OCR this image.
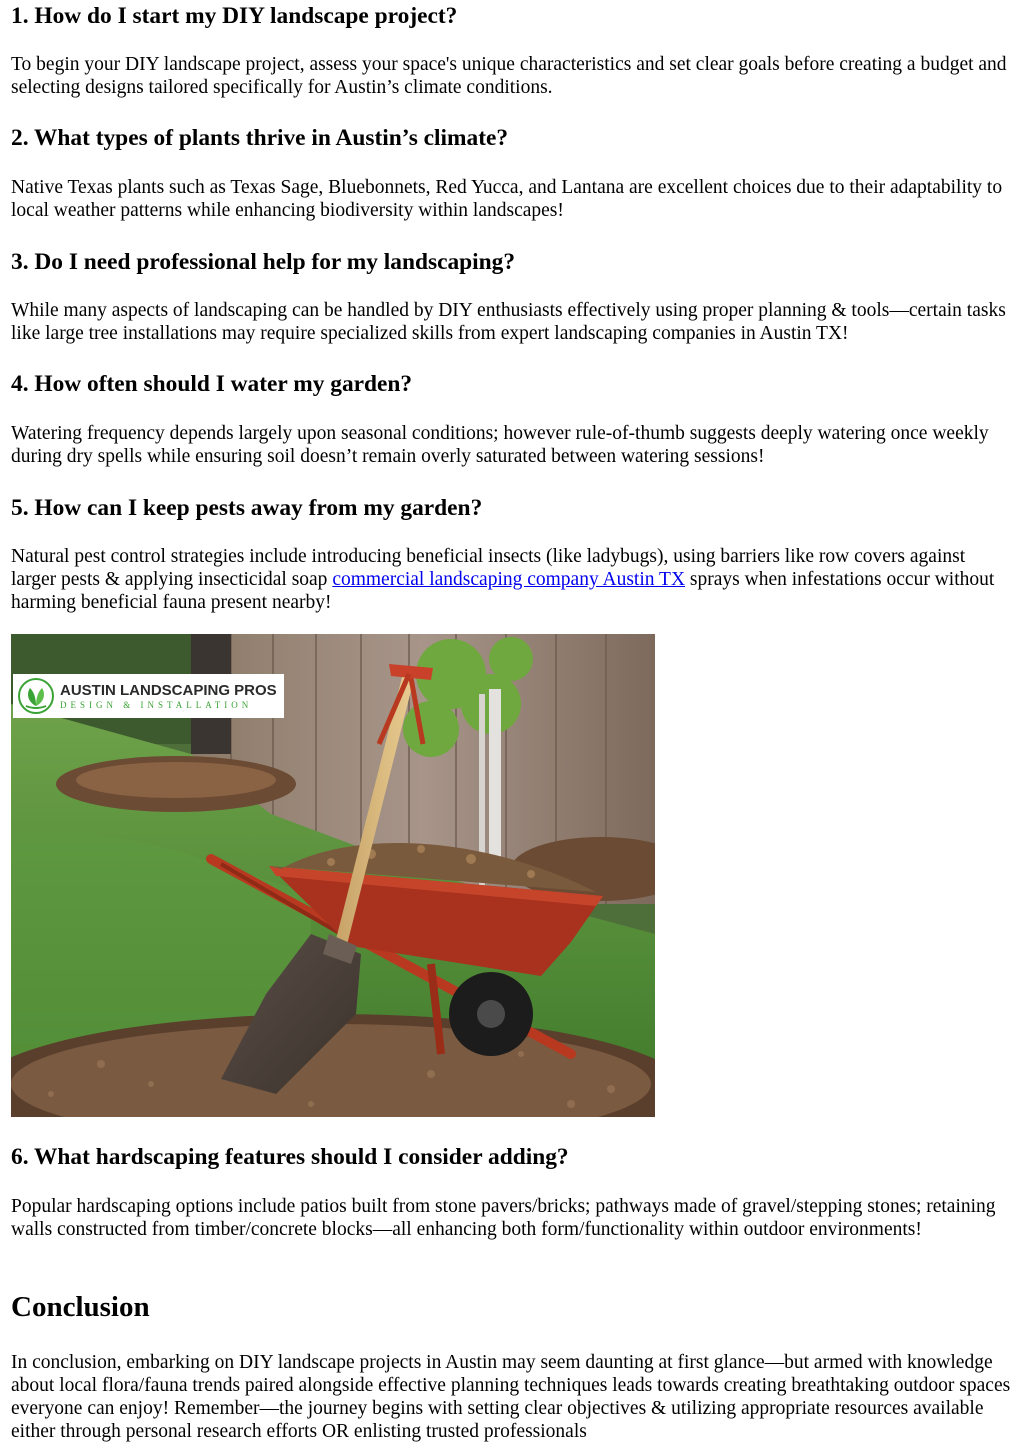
1. How do I start my DIY landscape project?

To begin your DIY landscape project, assess your space's unique characteristics and set clear goals before creating a budget and selecting designs tailored specifically for Austin’s climate conditions.

2. What types of plants thrive in Austin’s climate?

Native Texas plants such as Texas Sage, Bluebonnets, Red Yucca, and Lantana are excellent choices due to their adaptability to local weather patterns while enhancing biodiversity within landscapes!

3. Do I need professional help for my landscaping?

While many aspects of landscaping can be handled by DIY enthusiasts effectively using proper planning & tools—certain tasks like large tree installations may require specialized skills from expert landscaping companies in Austin TX!

4. How often should I water my garden?

Watering frequency depends largely upon seasonal conditions; however rule-of-thumb suggests deeply watering once weekly during dry spells while ensuring soil doesn’t remain overly saturated between watering sessions!

5. How can I keep pests away from my garden?

Natural pest control strategies include introducing beneficial insects (like ladybugs), using barriers like row covers against larger pests & applying insecticidal soap commercial landscaping company Austin TX sprays when infestations occur without harming beneficial fauna present nearby!

AUSTIN LANDSCAPING PROS
DESIGN & INSTALLATION
6. What hardscaping features should I consider adding?

Popular hardscaping options include patios built from stone pavers/bricks; pathways made of gravel/stepping stones; retaining walls constructed from timber/concrete blocks—all enhancing both form/functionality within outdoor environments!

Conclusion

In conclusion, embarking on DIY landscape projects in Austin may seem daunting at first glance—but armed with knowledge about local flora/fauna trends paired alongside effective planning techniques leads towards creating breathtaking outdoor spaces everyone can enjoy! Remember—the journey begins with setting clear objectives & utilizing appropriate resources available either through personal research efforts OR enlisting trusted professionals
